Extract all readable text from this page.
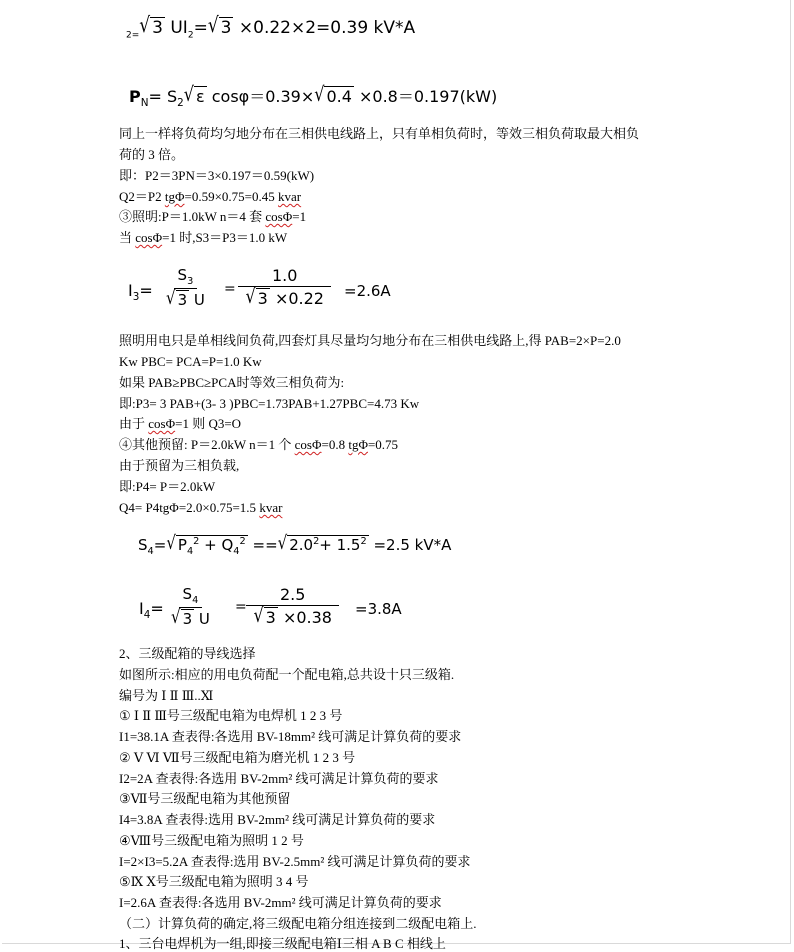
$_{2=}$√ 3 $UI_2=√$ 3 ×0.22×2=0.39 kV*A
$P_N= S_2√$ ε cosφ＝0.39×√ 0.4 ×0.8＝0.197(kW)
同上一样将负荷均匀地分布在三相供电线路上，只有单相负荷时，等效三相负荷取最大相负
荷的 3 倍。
即：P2＝3PN＝3×0.197＝0.59(kW)
Q2＝P2 tgΦ=0.59×0.75=0.45 kvar
③照明:P＝1.0kW n＝4 套 cosΦ=1
当 cosΦ=1 时,S3＝P3＝1.0 kW
$I_3= \frac{S_3}{√ 3 U} = \frac{1.0}{√ 3 \times 0.22} =2.6A$
照明用电只是单相线间负荷,四套灯具尽量均匀地分布在三相供电线路上,得 PAB=2×P=2.0
Kw PBC= PCA=P=1.0 Kw
如果 PAB≥PBC≥PCA时等效三相负荷为:
即:P3= 3 PAB+(3- 3 )PBC=1.73PAB+1.27PBC=4.73 Kw
由于 cosΦ=1 则 Q3=O
④其他预留: P＝2.0kW n＝1 个 cosΦ=0.8 tgΦ=0.75
由于预留为三相负载,
即:P4= P＝2.0kW
Q4= P4tgΦ=2.0×0.75=1.5 kvar
$S_4=√$ $P_4^2 + Q_4^2$ ==√ $2.0^2+ 1.5^2 =2.5$ kV*A
$I_4= \frac{S_4}{√ 3 U} = \frac{2.5}{√ 3 \times 0.38} =3.8A$
2、三级配箱的导线选择
如图所示:相应的用电负荷配一个配电箱,总共设十只三级箱.
编号为 Ⅰ Ⅱ Ⅲ..Ⅺ
① Ⅰ Ⅱ Ⅲ号三级配电箱为电焊机 1 2 3 号
I1=38.1A 查表得:各选用 BV-18mm² 线可满足计算负荷的要求
② Ⅴ Ⅵ Ⅶ号三级配电箱为磨光机 1 2 3 号
I2=2A 查表得:各选用 BV-2mm² 线可满足计算负荷的要求
③Ⅶ号三级配电箱为其他预留
I4=3.8A 查表得:选用 BV-2mm² 线可满足计算负荷的要求
④Ⅷ号三级配电箱为照明 1 2 号
I=2×I3=5.2A 查表得:选用 BV-2.5mm² 线可满足计算负荷的要求
⑤Ⅸ Ⅹ号三级配电箱为照明 3 4 号
I=2.6A 查表得:各选用 BV-2mm² 线可满足计算负荷的要求
（二）计算负荷的确定,将三级配电箱分组连接到二级配电箱上.
1、三台电焊机为一组,即接三级配电箱Ⅰ三相 A B C 相线上
